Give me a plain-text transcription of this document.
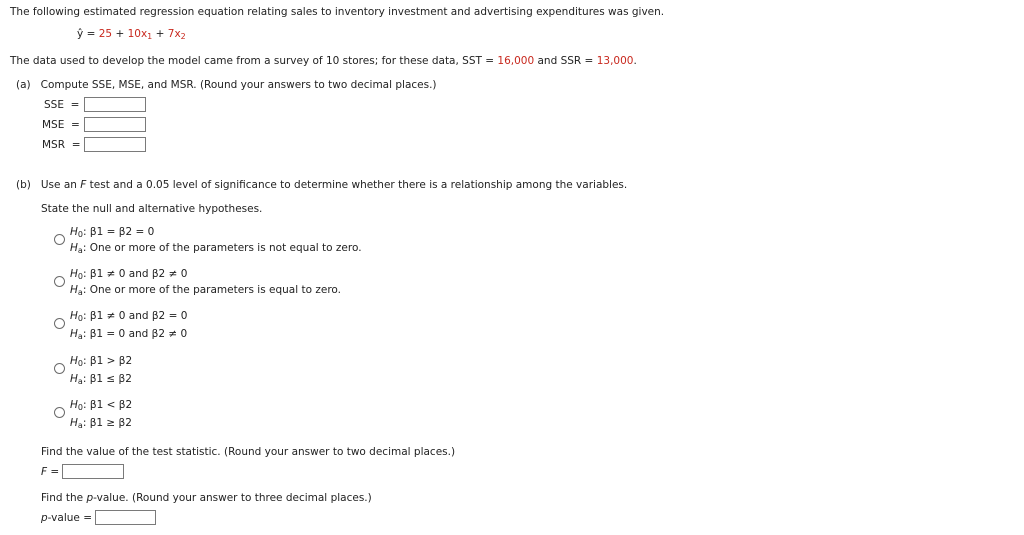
The following estimated regression equation relating sales to inventory investment and advertising expenditures was given.
ŷ = $25 + 10x_1 + 7x_2$
The data used to develop the model came from a survey of 10 stores; for these data, SST = 16,000 and SSR = 13,000.
(a) Compute SSE, MSE, and MSR. (Round your answers to two decimal places.)
SSE =
MSE =
MSR =
(b) Use an F test and a 0.05 level of significance to determine whether there is a relationship among the variables.
State the null and alternative hypotheses.
$H_0$: β1 = β2 = 0
$H_a$: One or more of the parameters is not equal to zero.
$H_0$: β1 ≠ 0 and β2 ≠ 0
$H_a$: One or more of the parameters is equal to zero.
$H_0$: β1 ≠ 0 and β2 = 0
$H_a$: β1 = 0 and β2 ≠ 0
$H_0$: β1 > β2
$H_a$: β1 ≤ β2
$H_0$: β1 < β2
$H_a$: β1 ≥ β2
Find the value of the test statistic. (Round your answer to two decimal places.)
F =
Find the p-value. (Round your answer to three decimal places.)
p-value =
